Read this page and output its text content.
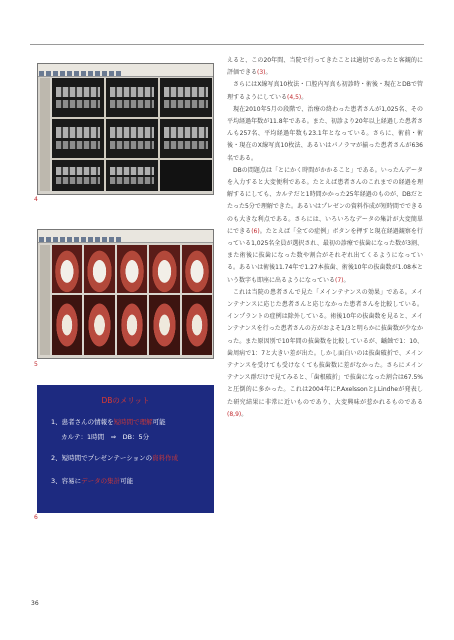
4
5
DBのメリット
1、患者さんの情報を短時間で理解可能
カルテ：1時間　⇒　DB：5分
2、短時間でプレゼンテーションの資料作成
3、容易にデータの集計可能
6

えると、この20年間、当院で行ってきたことは適切であったと客観的に評価できる(3)。

さらにはX線写真10枚法・口腔内写真も初診時・術後・現在とDBで管理するようにしている(4,5)。

現在2010年5月の段階で、治療の終わった患者さんが1,025名、その平均経過年数が11.8年である。また、初診より20年以上経過した患者さんも257名、平均経過年数も23.1年となっている。さらに、術前・術後・現在のX線写真10枚法、あるいはパノラマが揃った患者さんが636名である。

DBの問題点は「とにかく時間がかかること」である。いったんデータを入力すると大変便利である。たとえば患者さんのこれまでの経過を理解するにしても、カルテだと1時間かかった25年経過のものが、DBだとたった5分で理解できた。あるいはプレゼンの資料作成が短時間でできるのも大きな利点である。さらには、いろいろなデータの集計が大変簡単にできる(6)。たとえば「全ての症例」ボタンを押すと現在経過観察を行っている1,025名全員が選択され、最初の診療で抜歯になった数が3割、また術後に抜歯になった数や割合がそれぞれ出てくるようになっている。あるいは術後11.74年で1.27本抜歯、術後10年の抜歯数が1.08本という数字も即座に出るようになっている(7)。

これは当院の患者さんで見た「メインテナンスの効果」である。メインテナンスに応じた患者さんと応じなかった患者さんを比較している。インプラントの症例は除外している。術後10年の抜歯数を見ると、メインテナンスを行った患者さんの方がおよそ1/3と明らかに抜歯数が少なかった。また原因別で10年間の抜歯数を比較しているが、齲蝕で1：10、歯周病で1：7と大きい差が出た。しかし面白いのは抜歯破折で、メインテナンスを受けても受けなくても抜歯数に差がなかった。さらにメインテナンス群だけで見てみると、「歯根破折」で抜歯になった割合は67.5%と圧倒的に多かった。これは2004年にP.AxelssonとJ.Lindheが発表した研究結果に非常に近いものであり、大変興味が惹かれるものである(8,9)。

36
